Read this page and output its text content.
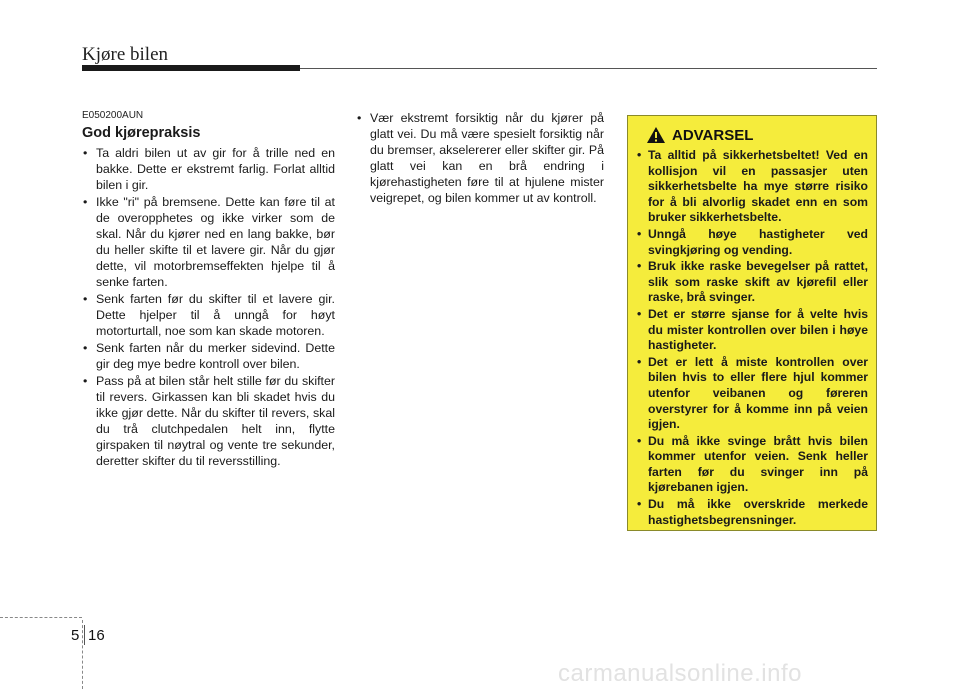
Kjøre bilen
E050200AUN
God kjørepraksis
• Ta aldri bilen ut av gir for å trille ned en bakke. Dette er ekstremt farlig. Forlat alltid bilen i gir.
• Ikke "ri" på bremsene. Dette kan føre til at de overopphetes og ikke virker som de skal. Når du kjører ned en lang bakke, bør du heller skifte til et lavere gir. Når du gjør dette, vil motorbremseffekten hjelpe til å senke farten.
• Senk farten før du skifter til et lavere gir. Dette hjelper til å unngå for høyt motorturtall, noe som kan skade motoren.
• Senk farten når du merker sidevind. Dette gir deg mye bedre kontroll over bilen.
• Pass på at bilen står helt stille før du skifter til revers. Girkassen kan bli skadet hvis du ikke gjør dette. Når du skifter til revers, skal du trå clutchpedalen helt inn, flytte girspaken til nøytral og vente tre sekunder, deretter skifter du til reversstilling.
• Vær ekstremt forsiktig når du kjører på glatt vei. Du må være spesielt forsiktig når du bremser, akselererer eller skifter gir. På glatt vei kan en brå endring i kjørehastigheten føre til at hjulene mister veigrepet, og bilen kommer ut av kontroll.
ADVARSEL
• Ta alltid på sikkerhetsbeltet! Ved en kollisjon vil en passasjer uten sikkerhetsbelte ha mye større risiko for å bli alvorlig skadet enn en som bruker sikkerhetsbelte.
• Unngå høye hastigheter ved svingkjøring og vending.
• Bruk ikke raske bevegelser på rattet, slik som raske skift av kjørefil eller raske, brå svinger.
• Det er større sjanse for å velte hvis du mister kontrollen over bilen i høye hastigheter.
• Det er lett å miste kontrollen over bilen hvis to eller flere hjul kommer utenfor veibanen og føreren overstyrer for å komme inn på veien igjen.
• Du må ikke svinge brått hvis bilen kommer utenfor veien. Senk heller farten før du svinger inn på kjørebanen igjen.
• Du må ikke overskride merkede hastighetsbegrensninger.
5 16
carmanualsonline.info
